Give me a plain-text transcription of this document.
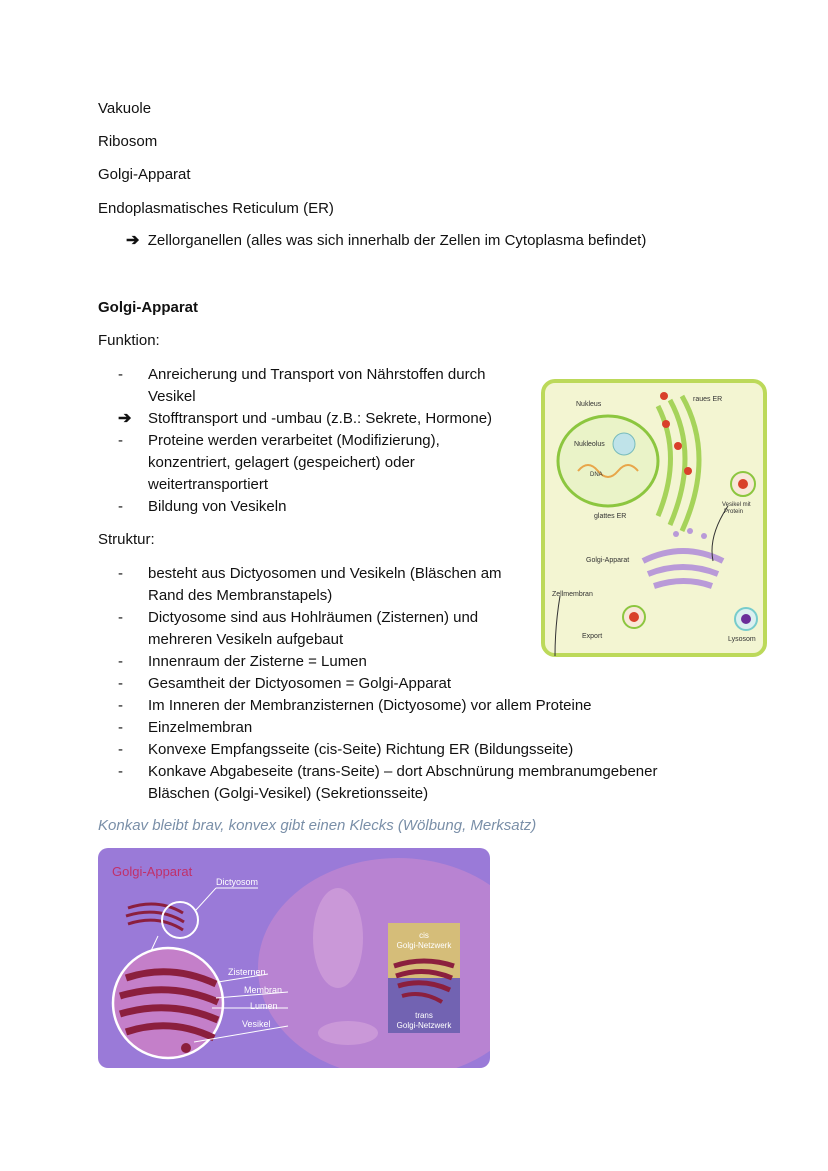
Vakuole
Ribosom
Golgi-Apparat
Endoplasmatisches Reticulum (ER)
➔ Zellorganellen (alles was sich innerhalb der Zellen im Cytoplasma befindet)
Golgi-Apparat
Funktion:
-	Anreicherung und Transport von Nährstoffen durch
Vesikel
➔	Stofftransport und -umbau (z.B.: Sekrete, Hormone)
-	Proteine werden verarbeitet (Modifizierung),
konzentriert, gelagert (gespeichert) oder
weitertransportiert
-	Bildung von Vesikeln
Struktur:
-	besteht aus Dictyosomen und Vesikeln (Bläschen am
Rand des Membranstapels)
-	Dictyosome sind aus Hohlräumen (Zisternen) und
mehreren Vesikeln aufgebaut
-	Innenraum der Zisterne = Lumen
-	Gesamtheit der Dictyosomen = Golgi-Apparat
-	Im Inneren der Membranzisternen (Dictyosome) vor allem Proteine
-	Einzelmembran
-	Konvexe Empfangsseite (cis-Seite) Richtung ER (Bildungsseite)
-	Konkave Abgabeseite (trans-Seite) – dort Abschnürung membranumgebener
Bläschen (Golgi-Vesikel) (Sekretionsseite)
Konkav bleibt brav, konvex gibt einen Klecks (Wölbung, Merksatz)
Nukleus
raues ER
Nukleolus
DNA
Vesikel mit
Protein
glattes ER
Golgi-Apparat
Zellmembran
Export	Lysosom
Golgi-Apparat
Dictyosom
Zisternen
Membran
Lumen
Vesikel
cis
Golgi-Netzwerk
trans
Golgi-Netzwerk
